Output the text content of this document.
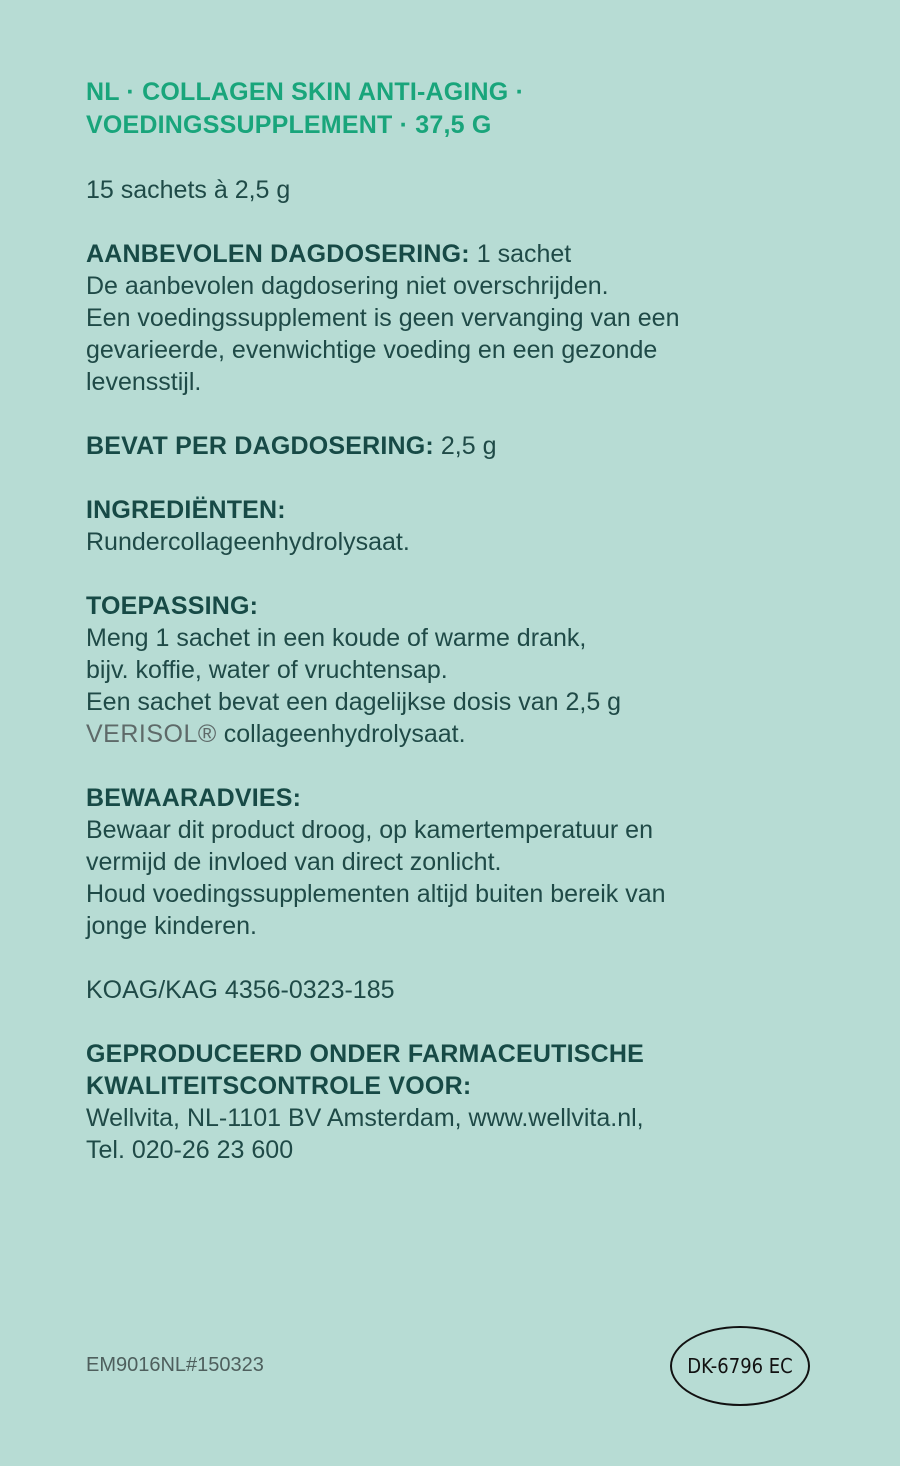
NL · COLLAGEN SKIN ANTI-AGING ·
VOEDINGSSUPPLEMENT · 37,5 G

15 sachets à 2,5 g

AANBEVOLEN DAGDOSERING: 1 sachet

De aanbevolen dagdosering niet overschrijden.

Een voedingssupplement is geen vervanging van een

gevarieerde, evenwichtige voeding en een gezonde

levensstijl.

BEVAT PER DAGDOSERING: 2,5 g

INGREDIËNTEN:

Rundercollageenhydrolysaat.

TOEPASSING:

Meng 1 sachet in een koude of warme drank,

bijv. koffie, water of vruchtensap.

Een sachet bevat een dagelijkse dosis van 2,5 g

VERISOL® collageenhydrolysaat.

BEWAARADVIES:

Bewaar dit product droog, op kamertemperatuur en

vermijd de invloed van direct zonlicht.

Houd voedingssupplementen altijd buiten bereik van

jonge kinderen.

KOAG/KAG 4356-0323-185

GEPRODUCEERD ONDER FARMACEUTISCHE

KWALITEITSCONTROLE VOOR:

Wellvita, NL-1101 BV Amsterdam, www.wellvita.nl,

Tel. 020-26 23 600

EM9016NL#150323	DK-6796 EC
